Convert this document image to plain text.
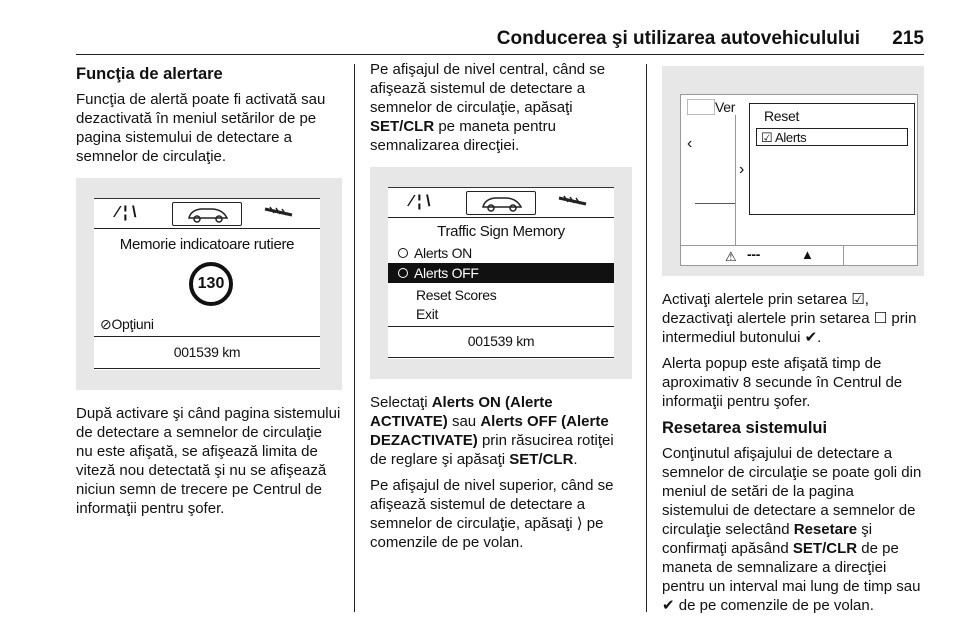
Conducerea şi utilizarea autovehiculului 215
Funcţia de alertare

Funcţia de alertă poate fi activată sau dezactivată în meniul setărilor de pe pagina sistemului de detectare a semnelor de circulaţie.

⁄ ¦ \
Memorie indicatoare rutiere
130
⊘Opţiuni
001539 km

După activare şi când pagina sistemului de detectare a semnelor de circulaţie nu este afişată, se afişează limita de viteză nou detectată şi nu se afişează niciun semn de trecere pe Centrul de informaţii pentru şofer.

Pe afişajul de nivel central, când se afişează sistemul de detectare a semnelor de circulaţie, apăsaţi SET/CLR pe maneta pentru semnalizarea direcţiei.

⁄ ¦ \
Traffic Sign Memory
Alerts ON
Alerts OFF
Reset Scores
Exit
001539 km

Selectaţi Alerts ON (Alerte ACTIVATE) sau Alerts OFF (Alerte DEZACTIVATE) prin răsucirea rotiţei de reglare şi apăsaţi SET/CLR.

Pe afişajul de nivel superior, când se afişează sistemul de detectare a semnelor de circulaţie, apăsaţi ⟩ pe comenzile de pe volan.

Ver
‹
›
Reset
☑ Alerts
⚠ ---	▲

Activaţi alertele prin setarea ☑, dezactivaţi alertele prin setarea ☐ prin intermediul butonului ✔.

Alerta popup este afişată timp de aproximativ 8 secunde în Centrul de informaţii pentru şofer.

Resetarea sistemului

Conţinutul afişajului de detectare a semnelor de circulaţie se poate goli din meniul de setări de la pagina sistemului de detectare a semnelor de circulaţie selectând Resetare şi confirmaţi apăsând SET/CLR de pe maneta de semnalizare a direcţiei pentru un interval mai lung de timp sau ✔ de pe comenzile de pe volan.
